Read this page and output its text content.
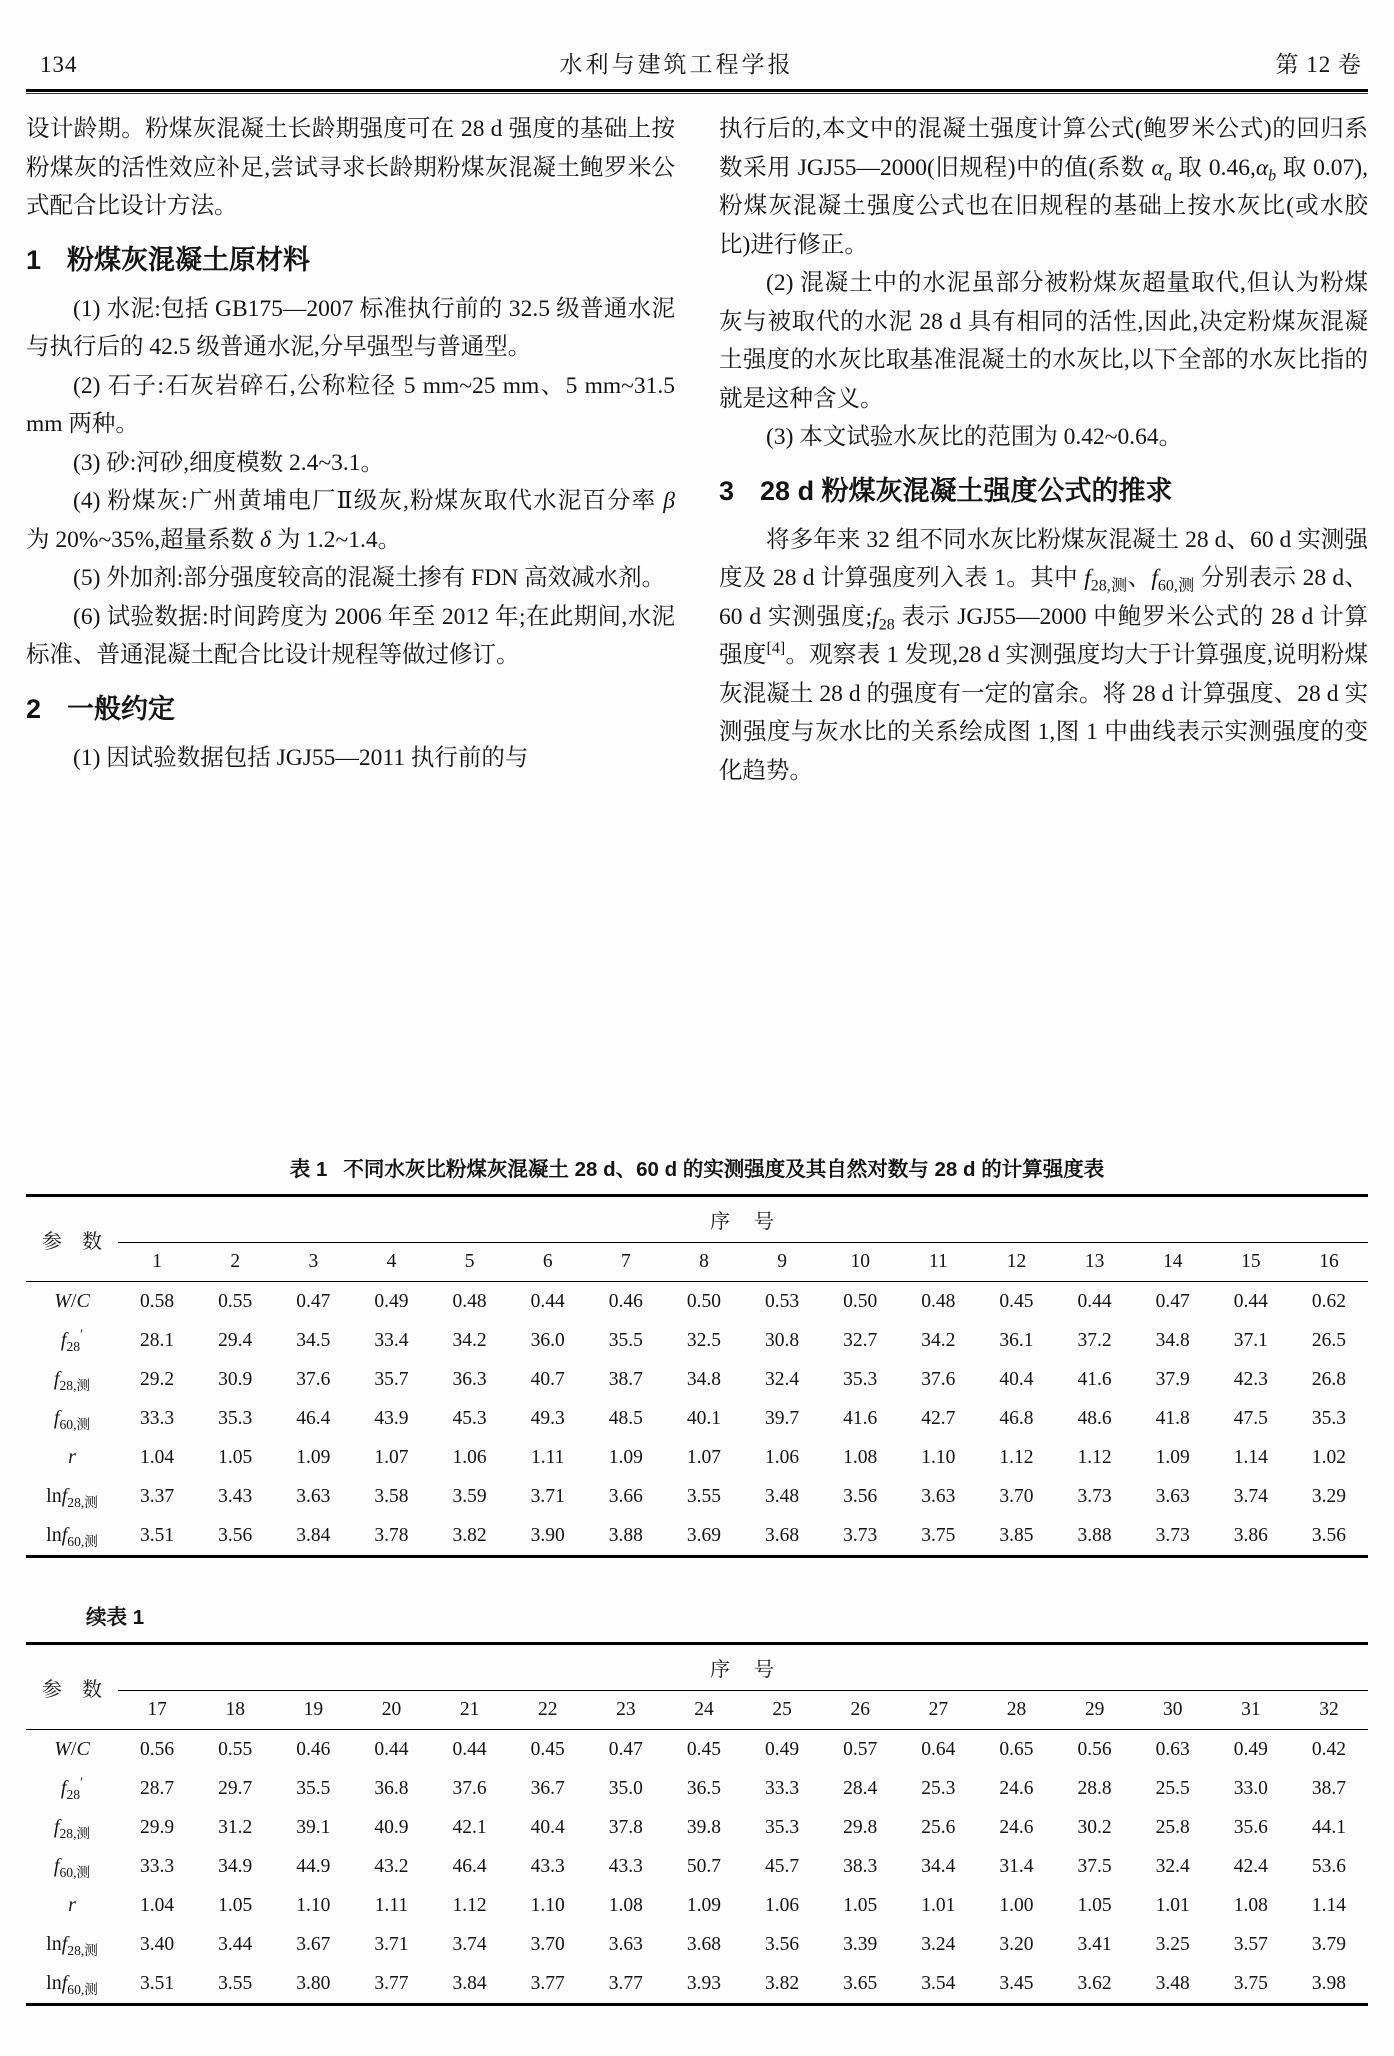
134	水利与建筑工程学报	第 12 卷

设计龄期。粉煤灰混凝土长龄期强度可在 28 d 强度的基础上按粉煤灰的活性效应补足,尝试寻求长龄期粉煤灰混凝土鲍罗米公式配合比设计方法。

1 粉煤灰混凝土原材料

(1) 水泥:包括 GB175—2007 标准执行前的 32.5 级普通水泥与执行后的 42.5 级普通水泥,分早强型与普通型。

(2) 石子:石灰岩碎石,公称粒径 5 mm~25 mm、5 mm~31.5 mm 两种。

(3) 砂:河砂,细度模数 2.4~3.1。

(4) 粉煤灰:广州黄埔电厂Ⅱ级灰,粉煤灰取代水泥百分率 β 为 20%~35%,超量系数 δ 为 1.2~1.4。

(5) 外加剂:部分强度较高的混凝土掺有 FDN 高效减水剂。

(6) 试验数据:时间跨度为 2006 年至 2012 年;在此期间,水泥标准、普通混凝土配合比设计规程等做过修订。

2 一般约定

(1) 因试验数据包括 JGJ55—2011 执行前的与

执行后的,本文中的混凝土强度计算公式(鲍罗米公式)的回归系数采用 JGJ55—2000(旧规程)中的值(系数 $\alpha_a$ 取 $0.46,\alpha_b$ 取 0.07),粉煤灰混凝土强度公式也在旧规程的基础上按水灰比(或水胶比)进行修正。

(2) 混凝土中的水泥虽部分被粉煤灰超量取代,但认为粉煤灰与被取代的水泥 28 d 具有相同的活性,因此,决定粉煤灰混凝土强度的水灰比取基准混凝土的水灰比,以下全部的水灰比指的就是这种含义。

(3) 本文试验水灰比的范围为 0.42~0.64。

3 28 d 粉煤灰混凝土强度公式的推求

将多年来 32 组不同水灰比粉煤灰混凝土 28 d、60 d 实测强度及 28 d 计算强度列入表 1。其中 $f_{28,测}$、$f_{60,测}$ 分别表示 28 d、60 d 实测强度$;f_{28}$ 表示 JGJ55—2000 中鲍罗米公式的 28 d 计算强度[4]。观察表 1 发现,28 d 实测强度均大于计算强度,说明粉煤灰混凝土 28 d 的强度有一定的富余。将 28 d 计算强度、28 d 实测强度与灰水比的关系绘成图 1,图 1 中曲线表示实测强度的变化趋势。

表 1 不同水灰比粉煤灰混凝土 28 d、60 d 的实测强度及其自然对数与 28 d 的计算强度表
参　数	序　号															
	1	2	3	4	5	6	7	8	9	10	11	12	13	14	15	16
W/C	0.58	0.55	0.47	0.49	0.48	0.44	0.46	0.50	0.53	0.50	0.48	0.45	0.44	0.47	0.44	0.62
$f_{28}'$	28.1	29.4	34.5	33.4	34.2	36.0	35.5	32.5	30.8	32.7	34.2	36.1	37.2	34.8	37.1	26.5
$f_{28,测}$	29.2	30.9	37.6	35.7	36.3	40.7	38.7	34.8	32.4	35.3	37.6	40.4	41.6	37.9	42.3	26.8
$f_{60,测}$	33.3	35.3	46.4	43.9	45.3	49.3	48.5	40.1	39.7	41.6	42.7	46.8	48.6	41.8	47.5	35.3
r	1.04	1.05	1.09	1.07	1.06	1.11	1.09	1.07	1.06	1.08	1.10	1.12	1.12	1.09	1.14	1.02
lnf$_{28,测}$	3.37	3.43	3.63	3.58	3.59	3.71	3.66	3.55	3.48	3.56	3.63	3.70	3.73	3.63	3.74	3.29
lnf$_{60,测}$	3.51	3.56	3.84	3.78	3.82	3.90	3.88	3.69	3.68	3.73	3.75	3.85	3.88	3.73	3.86	3.56
续表 1
参　数	序　号															
	17	18	19	20	21	22	23	24	25	26	27	28	29	30	31	32
W/C	0.56	0.55	0.46	0.44	0.44	0.45	0.47	0.45	0.49	0.57	0.64	0.65	0.56	0.63	0.49	0.42
$f_{28}'$	28.7	29.7	35.5	36.8	37.6	36.7	35.0	36.5	33.3	28.4	25.3	24.6	28.8	25.5	33.0	38.7
$f_{28,测}$	29.9	31.2	39.1	40.9	42.1	40.4	37.8	39.8	35.3	29.8	25.6	24.6	30.2	25.8	35.6	44.1
$f_{60,测}$	33.3	34.9	44.9	43.2	46.4	43.3	43.3	50.7	45.7	38.3	34.4	31.4	37.5	32.4	42.4	53.6
r	1.04	1.05	1.10	1.11	1.12	1.10	1.08	1.09	1.06	1.05	1.01	1.00	1.05	1.01	1.08	1.14
lnf$_{28,测}$	3.40	3.44	3.67	3.71	3.74	3.70	3.63	3.68	3.56	3.39	3.24	3.20	3.41	3.25	3.57	3.79
lnf$_{60,测}$	3.51	3.55	3.80	3.77	3.84	3.77	3.77	3.93	3.82	3.65	3.54	3.45	3.62	3.48	3.75	3.98
